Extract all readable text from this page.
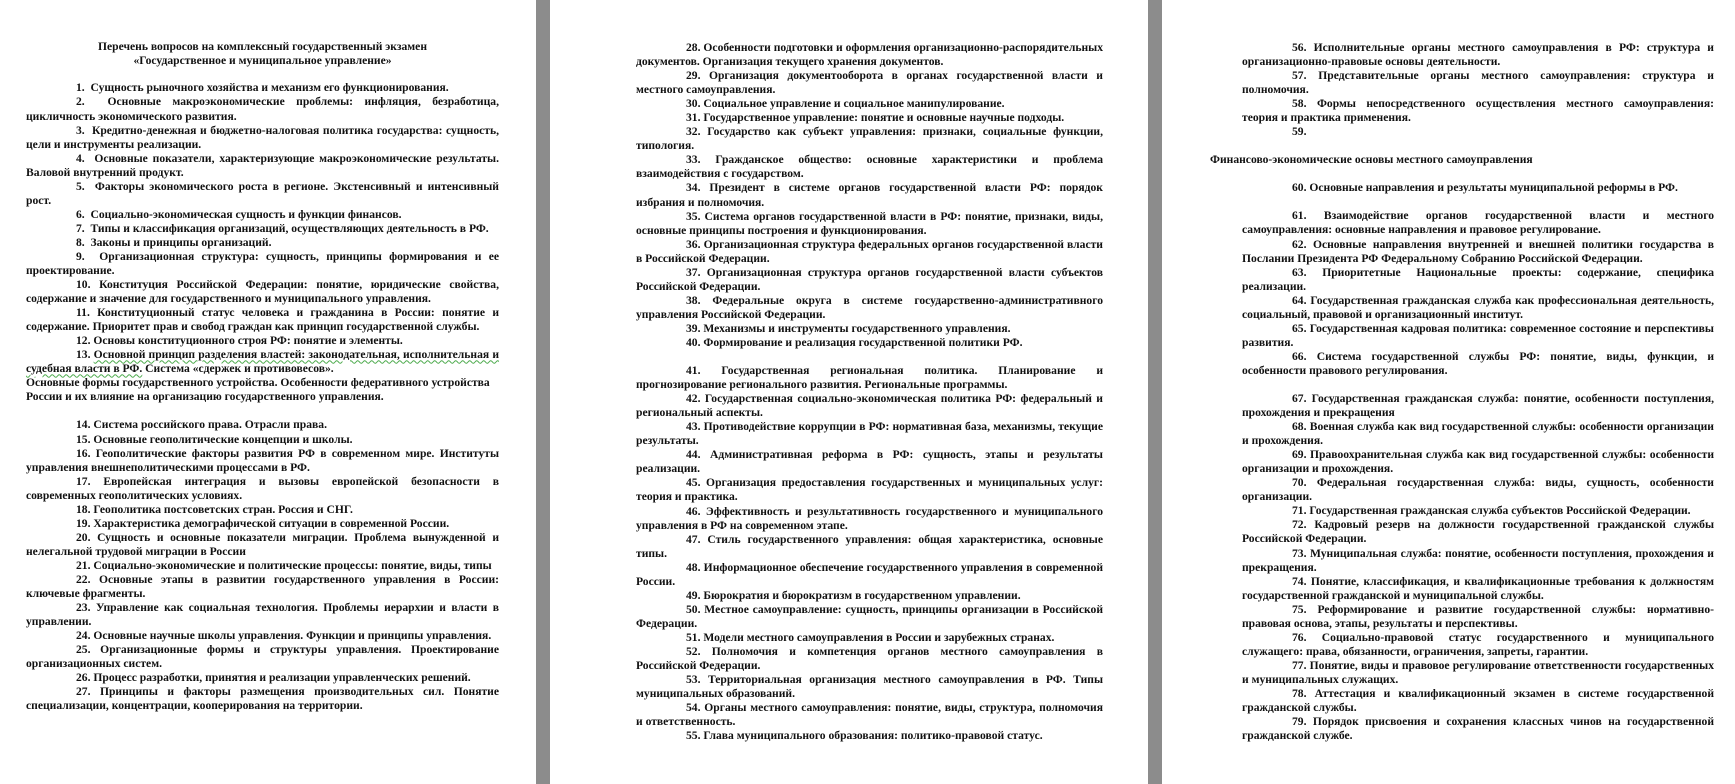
Перечень вопросов на комплексный государственный экзамен
«Государственное и муниципальное управление»

1.  Сущность рыночного хозяйства и механизм его функционирования.

2.  Основные макроэкономические проблемы: инфляция, безработица, цикличность экономического развития.

3.  Кредитно-денежная и бюджетно-налоговая политика государства: сущность, цели и инструменты реализации.

4.  Основные показатели, характеризующие макроэкономические результаты. Валовой внутренний продукт.

5.  Факторы экономического роста в регионе. Экстенсивный и интенсивный рост.

6.  Социально-экономическая сущность и функции финансов.

7.  Типы и классификация организаций, осуществляющих деятельность в РФ.

8.  Законы и принципы организаций.

9.  Организационная структура: сущность, принципы формирования и ее проектирование.

10. Конституция Российской Федерации: понятие, юридические свойства, содержание и значение для государственного и муниципального управления.

11. Конституционный статус человека и гражданина в России: понятие и содержание. Приоритет прав и свобод граждан как принцип государственной службы.

12. Основы конституционного строя РФ: понятие и элементы.

13. Основной принцип разделения властей: законодательная, исполнительная и судебная власти в РФ. Система «сдержек и противовесов».

Основные формы государственного устройства. Особенности федеративного устройства России и их влияние на организацию государственного управления.

14. Система российского права. Отрасли права.

15. Основные геополитические концепции и школы.

16. Геополитические факторы развития РФ в современном мире. Институты управления внешнеполитическими процессами в РФ.

17. Европейская интеграция и вызовы европейской безопасности в современных геополитических условиях.

18. Геополитика постсоветских стран. Россия и СНГ.

19. Характеристика демографической ситуации в современной России.

20. Сущность и основные показатели миграции. Проблема вынужденной и нелегальной трудовой миграции в России

21. Социально-экономические и политические процессы: понятие, виды, типы

22. Основные этапы в развитии государственного управления в России: ключевые фрагменты.

23. Управление как социальная технология. Проблемы иерархии и власти в управлении.

24. Основные научные школы управления. Функции и принципы управления.

25. Организационные формы и структуры управления. Проектирование организационных систем.

26. Процесс разработки, принятия и реализации управленческих решений.

27. Принципы и факторы размещения производительных сил. Понятие специализации, концентрации, кооперирования на территории.

28. Особенности подготовки и оформления организационно-распорядительных документов. Организация текущего хранения документов.

29. Организация документооборота в органах государственной власти и местного самоуправления.

30. Социальное управление и социальное манипулирование.

31. Государственное управление: понятие и основные научные подходы.

32. Государство как субъект управления: признаки, социальные функции, типология.

33. Гражданское общество: основные характеристики и проблема взаимодействия с государством.

34. Президент в системе органов государственной власти РФ: порядок избрания и полномочия.

35. Система органов государственной власти в РФ: понятие, признаки, виды, основные принципы построения и функционирования.

36. Организационная структура федеральных органов государственной власти в Российской Федерации.

37. Организационная структура органов государственной власти субъектов Российской Федерации.

38. Федеральные округа в системе государственно-административного управления Российской Федерации.

39. Механизмы и инструменты государственного управления.

40. Формирование и реализация государственной политики РФ.

41. Государственная региональная политика. Планирование и прогнозирование регионального развития. Региональные программы.

42. Государственная социально-экономическая политика РФ: федеральный и региональный аспекты.

43. Противодействие коррупции в РФ: нормативная база, механизмы, текущие результаты.

44. Административная реформа в РФ: сущность, этапы и результаты реализации.

45. Организация предоставления государственных и муниципальных услуг: теория и практика.

46. Эффективность и результативность государственного и муниципального управления в РФ на современном этапе.

47. Стиль государственного управления: общая характеристика, основные типы.

48. Информационное обеспечение государственного управления в современной России.

49. Бюрократия и бюрократизм в государственном управлении.

50. Местное самоуправление: сущность, принципы организации в Российской Федерации.

51. Модели местного самоуправления в России и зарубежных странах.

52. Полномочия и компетенция органов местного самоуправления в Российской Федерации.

53. Территориальная организация местного самоуправления в РФ. Типы муниципальных образований.

54. Органы местного самоуправления: понятие, виды, структура, полномочия и ответственность.

55. Глава муниципального образования: политико-правовой статус.

56. Исполнительные органы местного самоуправления в РФ: структура и организационно-правовые основы деятельности.

57. Представительные органы местного самоуправления: структура и полномочия.

58. Формы непосредственного осуществления местного самоуправления: теория и практика применения.

59.

Финансово-экономические основы местного самоуправления

60. Основные направления и результаты муниципальной реформы в РФ.

61. Взаимодействие органов государственной власти и местного самоуправления: основные направления и правовое регулирование.

62. Основные направления внутренней и внешней политики государства в Послании Президента РФ Федеральному Собранию Российской Федерации.

63. Приоритетные Национальные проекты: содержание, специфика реализации.

64. Государственная гражданская служба как профессиональная деятельность, социальный, правовой и организационный институт.

65. Государственная кадровая политика: современное состояние и перспективы развития.

66. Система государственной службы РФ: понятие, виды, функции, и особенности правового регулирования.

67. Государственная гражданская служба: понятие, особенности поступления, прохождения и прекращения

68. Военная служба как вид государственной службы: особенности организации и прохождения.

69. Правоохранительная служба как вид государственной службы: особенности организации и прохождения.

70. Федеральная государственная служба: виды, сущность, особенности организации.

71. Государственная гражданская служба субъектов Российской Федерации.

72. Кадровый резерв на должности государственной гражданской службы Российской Федерации.

73. Муниципальная служба: понятие, особенности поступления, прохождения и прекращения.

74. Понятие, классификация, и квалификационные требования к должностям государственной гражданской и муниципальной службы.

75. Реформирование и развитие государственной службы: нормативно-правовая основа, этапы, результаты и перспективы.

76. Социально-правовой статус государственного и муниципального служащего: права, обязанности, ограничения, запреты, гарантии.

77. Понятие, виды и правовое регулирование ответственности государственных и муниципальных служащих.

78. Аттестация и квалификационный экзамен в системе государственной гражданской службы.

79. Порядок присвоения и сохранения классных чинов на государственной гражданской службе.
